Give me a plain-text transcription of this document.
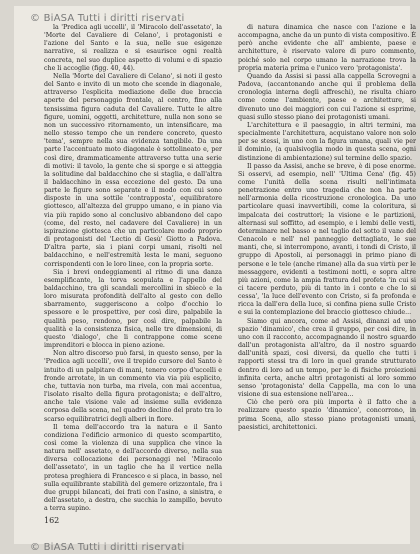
© BiASA Tutti i diritti riservati

la 'Predica agli uccelli', il 'Miracolo dell'assetato', la 'Morte del Cavaliere di Celano', i protagonisti e l'azione del Santo e la sua, nelle sue esigenze narrative, si realizza e si esaurisce ogni realtà concreta, nel suo duplice aspetto di volumi e di spazio che li accoglie (figg. 40, 44).

Nella 'Morte del Cavaliere di Celano', si noti il gesto del Santo e invito di un moto che scende in diagonale, attraverso l'esplicita mediazione delle due braccia aperte del personaggio frontale, al centro, fino alla tensissima figura caduta del Cavaliere. Tutte le altre figure, uomini, oggetti, architetture, nulla non sono se non un successivo ritornamento, un intensificare, ma nello stesso tempo che un rendere concreto, questo 'tema', sempre nella sua evidenza tangibile. Da una parte l'accentuato moto diagonale è sottolineato e, per così dire, drammaticamente attraverso tutta una serie di motivi: il tavolo, la gente che si sporge e si atteggia la solitudine dal baldacchino che si staglia, e dall'altra il baldacchino in essa eccezione del gesto. Da una parte le figure sono separate e il modo con cui sono disposte in una sottile 'contrapposta', equilibratore giottesco, all'altezza del gruppo umano, e in piano via via più rapido sono al conclusivo abbandono del capo (come, del resto, nel cadavere del Cavaliere) in un ispirazione giottesca che un particolare modo proprio di protagonisti del 'Lectio di Gesù' Giotto a Padova. D'altra parte, sia i piani corpi umani, risolti nel baldacchino, e nell'estremità lesta le mani, seguono corrispondenti con le loro linee, con la propria sorte.

Sia i brevi ondeggiamenti al ritmo di una danza esemplificante, la torva scopulata e l'appello del baldacchino, tra gli scandali mercollini in sbiecò e la loro misurata profondità dell'alto al gesto con dello sbarramento, suggeriscono a colpo d'occhio lo spessore e le prospettive, per così dire, palpabile la qualità peso, rendono, per così dire, palpabile la qualità e la consistenza fisica, nelle tre dimensioni, di questo 'dialogo', che li contrappone come scene imprenditori e blocca in pieno azione.

Non altro discorso può farsi, in questo senso, per la 'Predica agli uccelli', ove il trepido cursore del Santo è intuito di un palpitare di mani, tenero corpo d'uccelli e fronde arrotate, in un commento via via più esplicito, che, tuttavia non turba, ma rivela, con mai accentua, l'isolato risalto della figura protagonista; e dell'altro, anche tale visione vale ad insieme sulla evidenza corposa della scena, nel quadro declino del prato tra lo scarso equilibratrici degli alberi in fiore.

Il tema dell'accordo tra la natura e il Santo condiziona l'edificio armonico di questo scompartito, così come la violenza di una supplica che vince la natura nell' assetato, e dell'accordo diverso, nella sua diversa collocazione dei personaggi nel 'Miracolo dell'assetato', in un taglio che ha il vertice nella protesa preghiera di Francesco e si placa, in basso, nel sulla equilibrante stabilità del gemere orizzontale, fra i due gruppi bilancati, dei frati con l'asino, a sinistra, e dell'assetato, a destra, che succhia lo zampillo, bevuto a terra supino.

di natura dinamica che nasce con l'azione e la accompagna, anche da un punto di vista compositivo. È però anche evidente che all' ambiente, paese e architetture, è riservato valore di puro commento, poiché solo nel corpo umano la narrazione trova la propria materia prima e l'unico vero 'protagonista'.

Quando da Assisi si passi alla cappella Scrovegni a Padova, (accantonando anche qui il problema della cronologia interna degli affreschi), ne risulta chiaro come come l'ambiente, paese e architetture, si divenuto uno dei maggiori con cui l'azione si esprime, quasi sullo stesso piano dei protagonisti umani.

L'architettura e il paesaggio, in altri termini, ma specialmente l'architettura, acquistano valore non solo per se stessi, in uno con la figura umana, quali vie per il dominio, (a qualsivoglia modo in questa scena, ogni distinzione di ambientazione) sul termine dello spazio.

Il passo da Assisi, anche se breve, è di pose enorme. Si osservi, ad esempio, nell' 'Ultima Cena' (fig. 45) come l'unità della scena risulti nell'intimata penetrazione entro uno tragedia che non ha parte nell'armonia della ricostruzione cronologica. Da uno particolare quasi inavvertibili, come la coloritura, si impalcata dei costruttori; la visione e le partizioni, alternasi sul soffitto, ad esempio, e i lembi delle vesti, determinare nel basso e nel taglio del sotto il vano del Cenacolo e nell' nel panneggio dettagliato, le sue manti, che, si interrompono, avanti, i tondi di Cristo, il gruppo di Apostoli, ai personaggi in primo piano di persone e le tele (anche rimane) alla da sua virtù per le messaggere, evidenti a testimoni notti, e sopra altre più azioni, come la ampia frattura del profeta 'in cui si ci tacere perduto, più di tanto in i conto e che lo si cessa', 'la luce dell'evento con Cristo, si fa profonda e ricca la dall'era della luce, si confina piena sulle Cristo e sui la contemplazione del braccio giottesco chiude...

Siamo qui ancora, come ad Assisi, dinanzi ad uno spazio 'dinamico', che crea il gruppo, per così dire, in uno con il racconto, accompagnando il nostro sguardo dall'un protagonista all'altro, da il nostro sguardo dall'unità spazi, così diversi, da quello che tutti i rapporti stessi tra di loro in quel grande strutturato dentro di loro ad un tempo, per le di fisiche proiezioni infinita certa, anche altri protagonisti al loro sommo senso 'protagonista' della Cappella, ma con lo una visione di sua estensione nell'area...

Ciò che però ora più importa è il fatto che a realizzare questo spazio 'dinamico', concorrono, in prima Scena, allo stesso piano protagonisti umani, paesistici, architettonici.

162
© BiASA Tutti i diritti riservati
